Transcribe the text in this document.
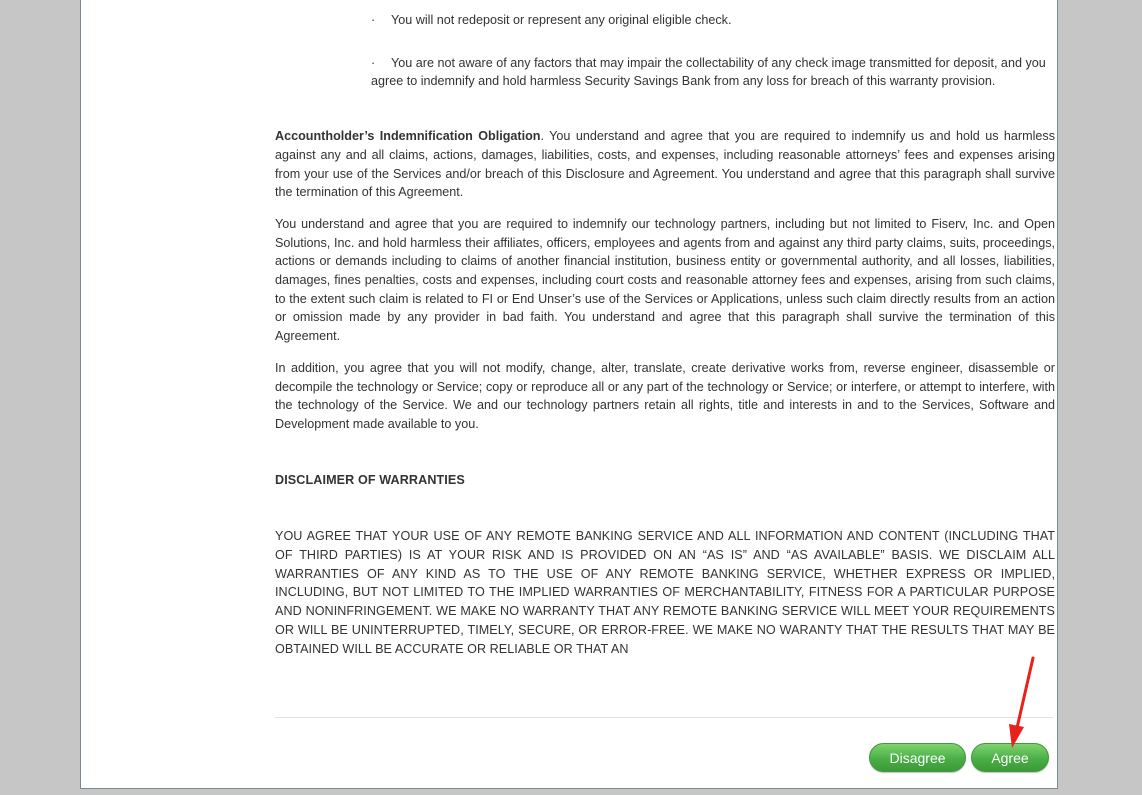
· You will not redeposit or represent any original eligible check.
· You are not aware of any factors that may impair the collectability of any check image transmitted for deposit, and you agree to indemnify and hold harmless Security Savings Bank from any loss for breach of this warranty provision.

Accountholder’s Indemnification Obligation. You understand and agree that you are required to indemnify us and hold us harmless against any and all claims, actions, damages, liabilities, costs, and expenses, including reasonable attorneys’ fees and expenses arising from your use of the Services and/or breach of this Disclosure and Agreement. You understand and agree that this paragraph shall survive the termination of this Agreement.

You understand and agree that you are required to indemnify our technology partners, including but not limited to Fiserv, Inc. and Open Solutions, Inc. and hold harmless their affiliates, officers, employees and agents from and against any third party claims, suits, proceedings, actions or demands including to claims of another financial institution, business entity or governmental authority, and all losses, liabilities, damages, fines penalties, costs and expenses, including court costs and reasonable attorney fees and expenses, arising from such claims, to the extent such claim is related to FI or End Unser’s use of the Services or Applications, unless such claim directly results from an action or omission made by any provider in bad faith. You understand and agree that this paragraph shall survive the termination of this Agreement.

In addition, you agree that you will not modify, change, alter, translate, create derivative works from, reverse engineer, disassemble or decompile the technology or Service; copy or reproduce all or any part of the technology or Service; or interfere, or attempt to interfere, with the technology of the Service. We and our technology partners retain all rights, title and interests in and to the Services, Software and Development made available to you.

DISCLAIMER OF WARRANTIES

YOU AGREE THAT YOUR USE OF ANY REMOTE BANKING SERVICE AND ALL INFORMATION AND CONTENT (INCLUDING THAT OF THIRD PARTIES) IS AT YOUR RISK AND IS PROVIDED ON AN “AS IS” AND “AS AVAILABLE” BASIS. WE DISCLAIM ALL WARRANTIES OF ANY KIND AS TO THE USE OF ANY REMOTE BANKING SERVICE, WHETHER EXPRESS OR IMPLIED, INCLUDING, BUT NOT LIMITED TO THE IMPLIED WARRANTIES OF MERCHANTABILITY, FITNESS FOR A PARTICULAR PURPOSE AND NONINFRINGEMENT. WE MAKE NO WARRANTY THAT ANY REMOTE BANKING SERVICE WILL MEET YOUR REQUIREMENTS OR WILL BE UNINTERRUPTED, TIMELY, SECURE, OR ERROR-FREE. WE MAKE NO WARANTY THAT THE RESULTS THAT MAY BE OBTAINED WILL BE ACCURATE OR RELIABLE OR THAT AN

Disagree	Agree
